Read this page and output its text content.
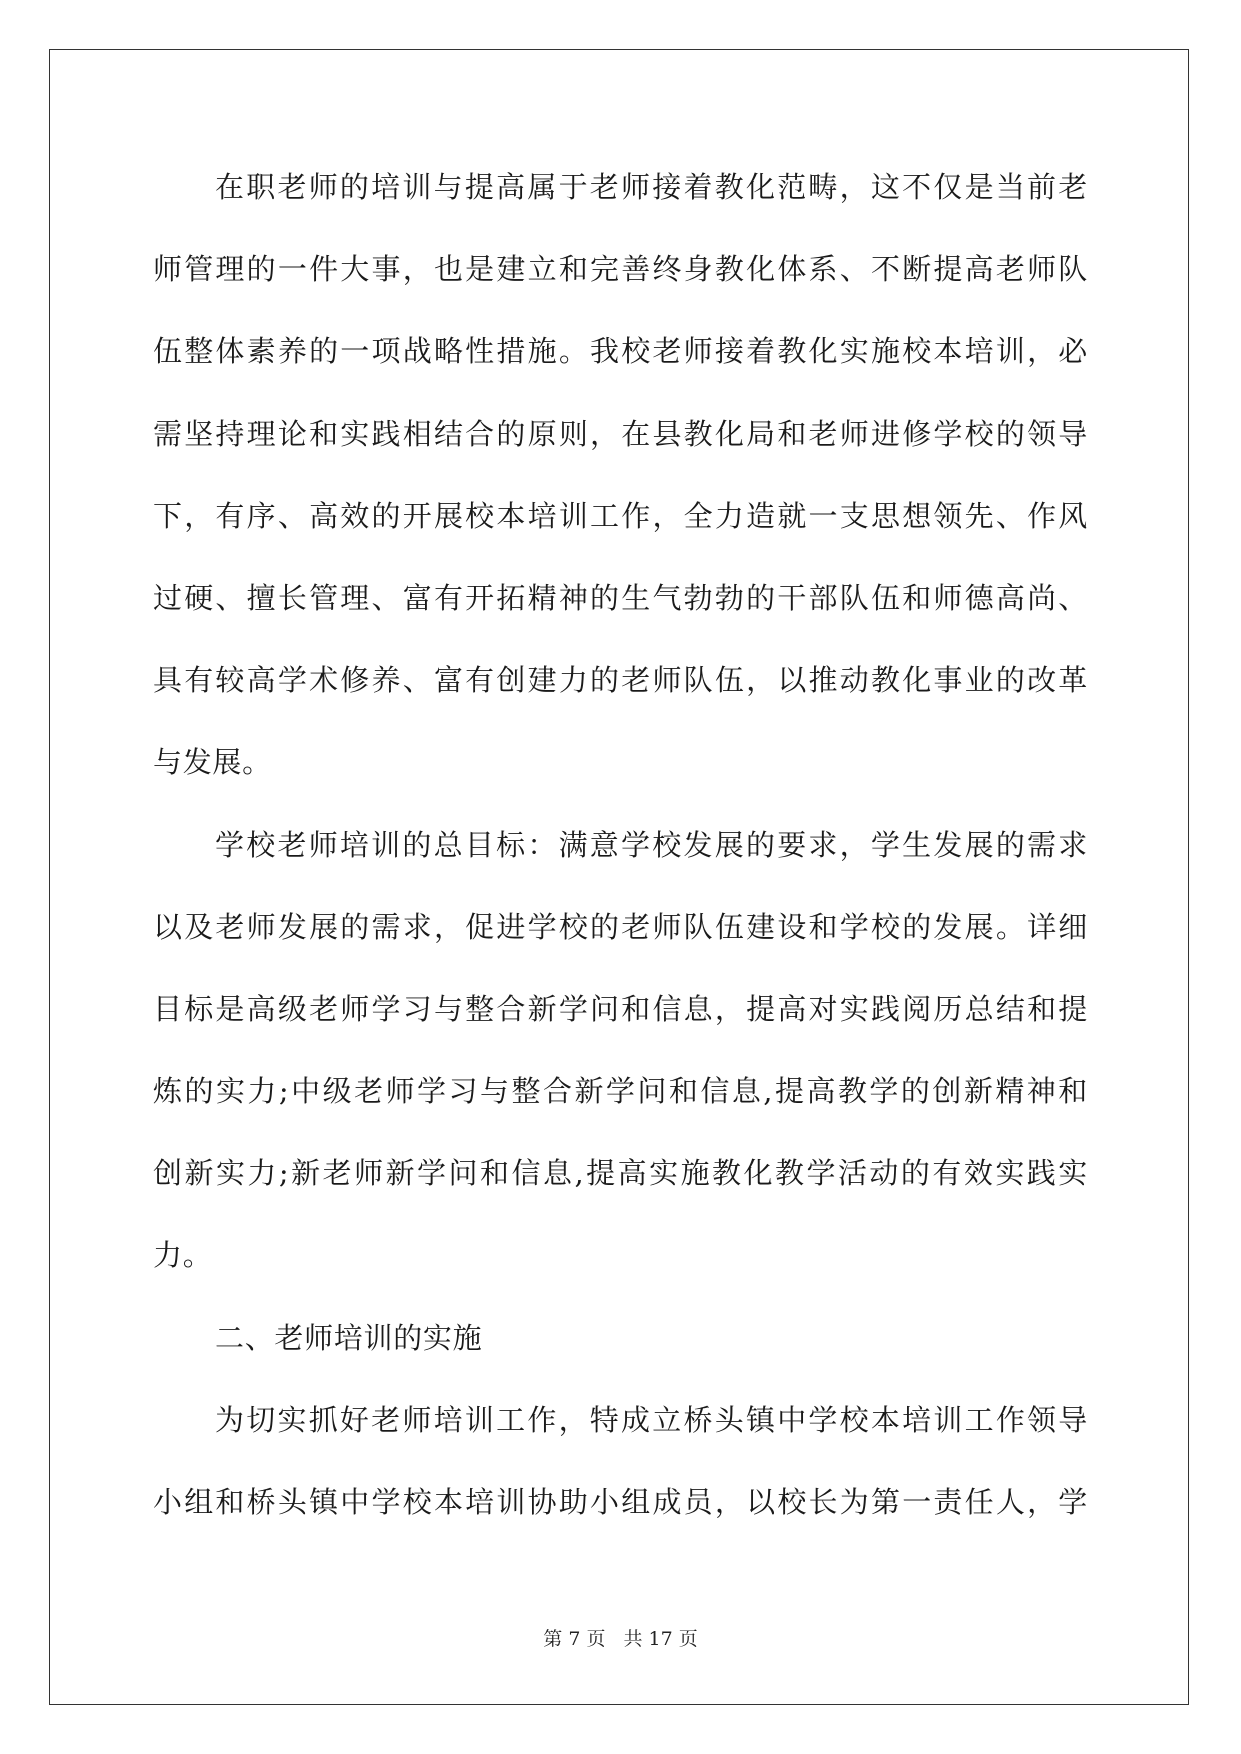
在职老师的培训与提高属于老师接着教化范畴，这不仅是当前老
师管理的一件大事，也是建立和完善终身教化体系、不断提高老师队
伍整体素养的一项战略性措施。我校老师接着教化实施校本培训，必
需坚持理论和实践相结合的原则，在县教化局和老师进修学校的领导
下，有序、高效的开展校本培训工作，全力造就一支思想领先、作风
过硬、擅长管理、富有开拓精神的生气勃勃的干部队伍和师德高尚、
具有较高学术修养、富有创建力的老师队伍，以推动教化事业的改革
与发展。
学校老师培训的总目标：满意学校发展的要求，学生发展的需求
以及老师发展的需求，促进学校的老师队伍建设和学校的发展。详细
目标是高级老师学习与整合新学问和信息，提高对实践阅历总结和提
炼的实力;中级老师学习与整合新学问和信息,提高教学的创新精神和
创新实力;新老师新学问和信息,提高实施教化教学活动的有效实践实
力。
二、老师培训的实施
为切实抓好老师培训工作，特成立桥头镇中学校本培训工作领导
小组和桥头镇中学校本培训协助小组成员，以校长为第一责任人，学
第 7 页 共 17 页
